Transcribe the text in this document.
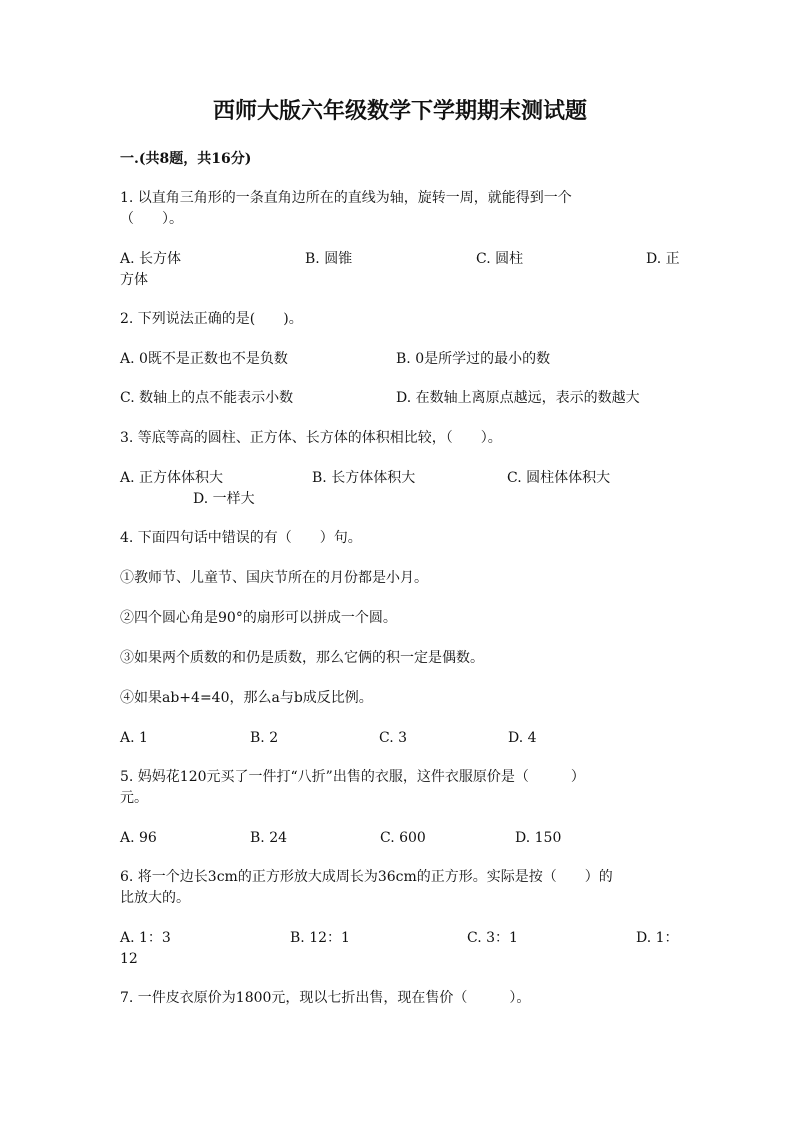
西师大版六年级数学下学期期末测试题
一.(共8题，共16分)
1. 以直角三角形的一条直角边所在的直线为轴，旋转一周，就能得到一个
（　　）。
A. 长方体	B. 圆锥	C. 圆柱	D. 正
方体
2. 下列说法正确的是(　　)。
A. 0既不是正数也不是负数	B. 0是所学过的最小的数
C. 数轴上的点不能表示小数	D. 在数轴上离原点越远，表示的数越大
3. 等底等高的圆柱、正方体、长方体的体积相比较，（　　）。
A. 正方体体积大	B. 长方体体积大	C. 圆柱体体积大
D. 一样大
4. 下面四句话中错误的有（　　）句。
①教师节、儿童节、国庆节所在的月份都是小月。
②四个圆心角是90°的扇形可以拼成一个圆。
③如果两个质数的和仍是质数，那么它俩的积一定是偶数。
④如果ab+4=40，那么a与b成反比例。
A. 1	B. 2	C. 3	D. 4
5. 妈妈花120元买了一件打“八折”出售的衣服，这件衣服原价是（　　　）
元。
A. 96	B. 24	C. 600	D. 150
6. 将一个边长3cm的正方形放大成周长为36cm的正方形。实际是按（　　）的
比放大的。
A. 1：3	B. 12：1	C. 3：1	D. 1：
12
7. 一件皮衣原价为1800元，现以七折出售，现在售价（　　　）。
